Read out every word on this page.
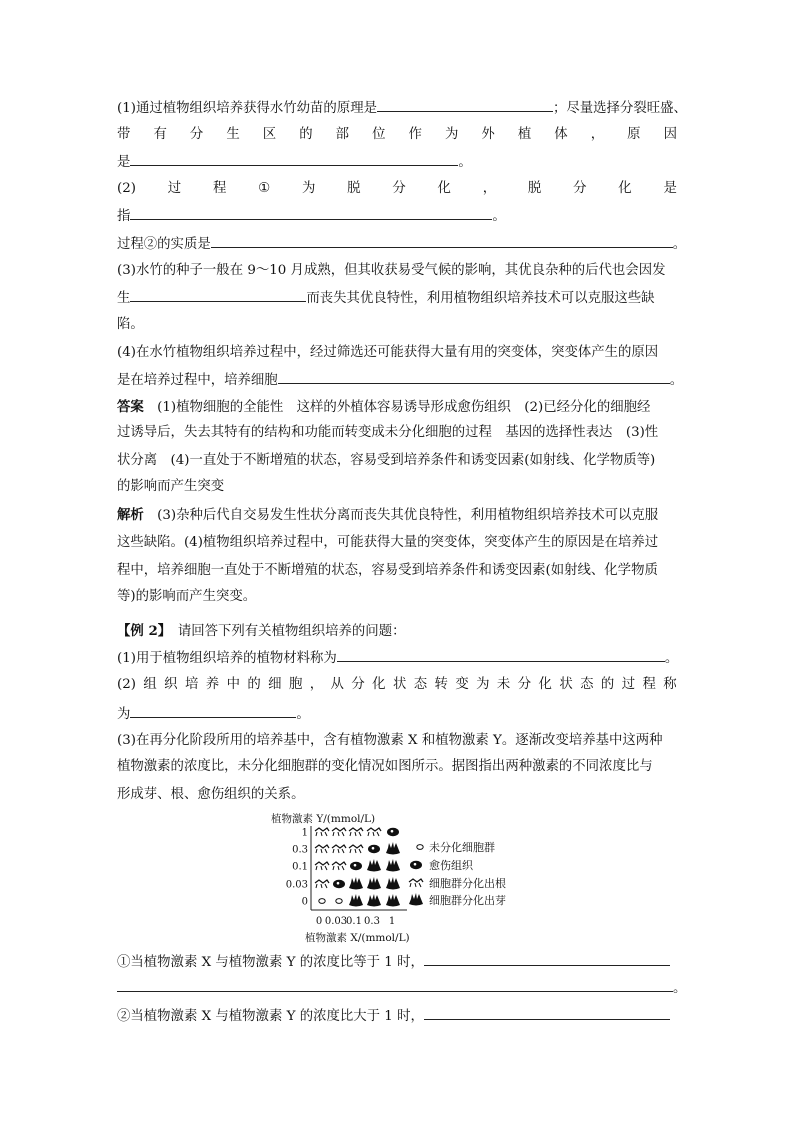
(1)通过植物组织培养获得水竹幼苗的原理是	；尽量选择分裂旺盛、
带 有 分 生 区 的 部 位 作 为 外 植 体 ， 原 因
是	。
(2) 过 程 ① 为 脱 分 化 ， 脱 分 化 是
指	。
过程②的实质是	。
(3)水竹的种子一般在 9～10 月成熟，但其收获易受气候的影响，其优良杂种的后代也会因发
生	而丧失其优良特性，利用植物组织培养技术可以克服这些缺
陷。
(4)在水竹植物组织培养过程中，经过筛选还可能获得大量有用的突变体，突变体产生的原因
是在培养过程中，培养细胞	。
答案　 (1)植物细胞的全能性　这样的外植体容易诱导形成愈伤组织　(2)已经分化的细胞经
过诱导后，失去其特有的结构和功能而转变成未分化细胞的过程　基因的选择性表达　(3)性
状分离　(4)一直处于不断增殖的状态，容易受到培养条件和诱变因素(如射线、化学物质等)
的影响而产生突变
解析　 (3)杂种后代自交易发生性状分离而丧失其优良特性，利用植物组织培养技术可以克服
这些缺陷。(4)植物组织培养过程中，可能获得大量的突变体，突变体产生的原因是在培养过
程中，培养细胞一直处于不断增殖的状态，容易受到培养条件和诱变因素(如射线、化学物质
等)的影响而产生突变。
【例 2】　 请回答下列有关植物组织培养的问题：
(1)用于植物组织培养的植物材料称为	。
(2) 组 织 培 养 中 的 细 胞 ， 从 分 化 状 态 转 变 为 未 分 化 状 态 的 过 程 称
为	。
(3)在再分化阶段所用的培养基中，含有植物激素 X 和植物激素 Y。逐渐改变培养基中这两种
植物激素的浓度比，未分化细胞群的变化情况如图所示。据图指出两种激素的不同浓度比与
形成芽、根、愈伤组织的关系。
植物激素 Y/(mmol/L)
植物激素 X/(mmol/L)
1
0.3
0.1
0.03
0
0 0.03
0.1 0.3 1
未分化细胞群
愈伤组织
细胞群分化出根
细胞群分化出芽
①当植物激素 X 与植物激素 Y 的浓度比等于 1 时，
。
②当植物激素 X 与植物激素 Y 的浓度比大于 1 时，
